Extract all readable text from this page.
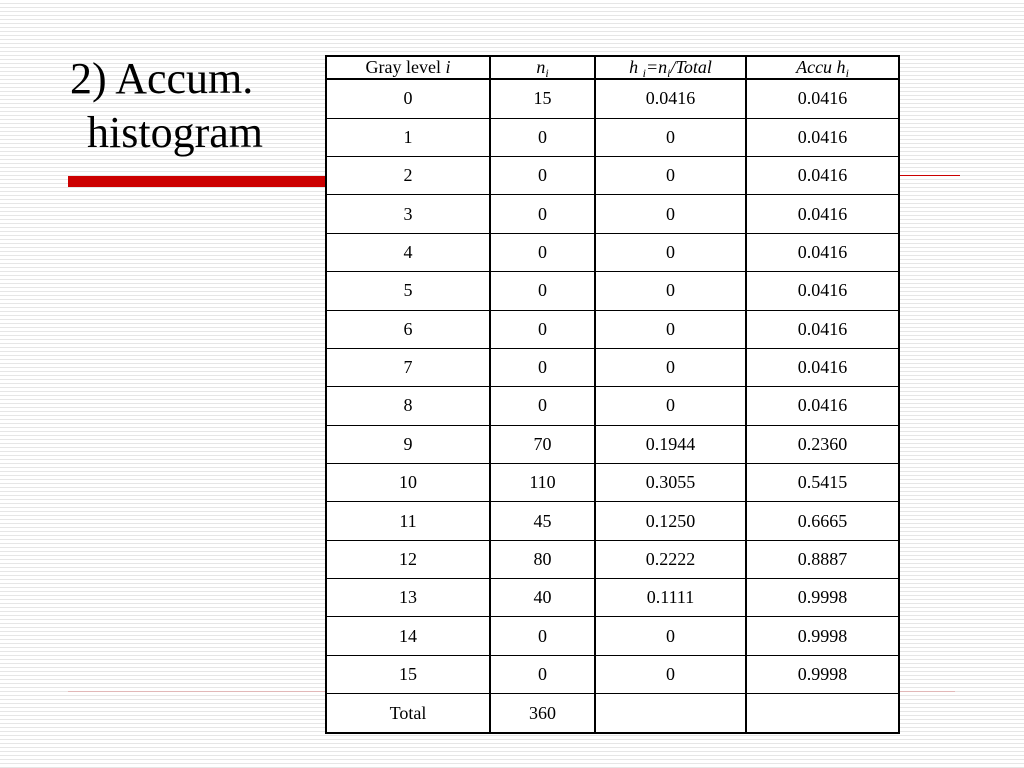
2) Accum.
histogram
Gray level i	$n_i$	h $_i=n_i$/Total	Accu $h_i$
0	15	0.0416	0.0416
1	0	0	0.0416
2	0	0	0.0416
3	0	0	0.0416
4	0	0	0.0416
5	0	0	0.0416
6	0	0	0.0416
7	0	0	0.0416
8	0	0	0.0416
9	70	0.1944	0.2360
10	110	0.3055	0.5415
11	45	0.1250	0.6665
12	80	0.2222	0.8887
13	40	0.1111	0.9998
14	0	0	0.9998
15	0	0	0.9998
Total	360		
